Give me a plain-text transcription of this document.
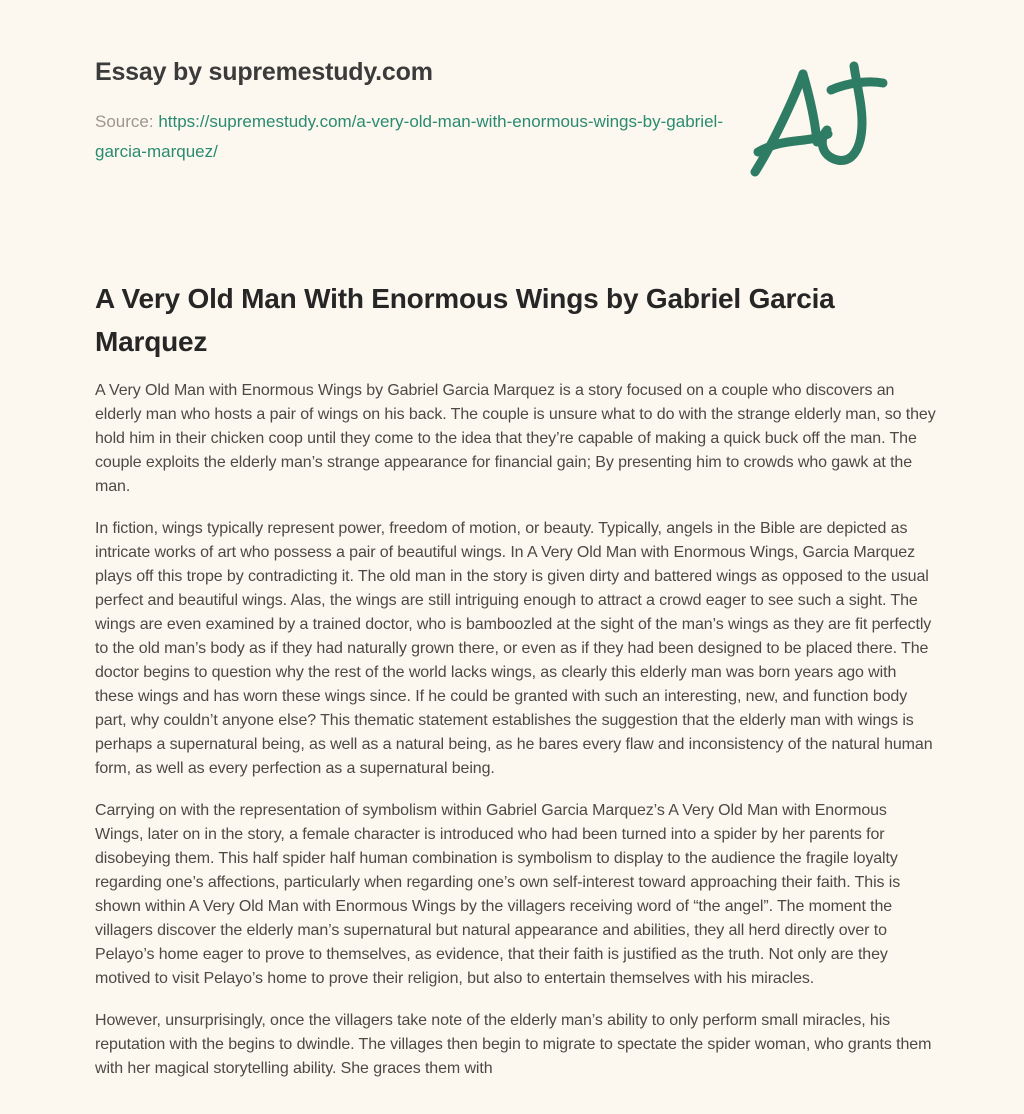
Essay by supremestudy.com
Source: https://supremestudy.com/a-very-old-man-with-enormous-wings-by-gabriel-garcia-marquez/
A Very Old Man With Enormous Wings by Gabriel Garcia Marquez

A Very Old Man with Enormous Wings by Gabriel Garcia Marquez is a story focused on a couple who discovers an elderly man who hosts a pair of wings on his back. The couple is unsure what to do with the strange elderly man, so they hold him in their chicken coop until they come to the idea that they’re capable of making a quick buck off the man. The couple exploits the elderly man’s strange appearance for financial gain; By presenting him to crowds who gawk at the man.

In fiction, wings typically represent power, freedom of motion, or beauty. Typically, angels in the Bible are depicted as intricate works of art who possess a pair of beautiful wings. In A Very Old Man with Enormous Wings, Garcia Marquez plays off this trope by contradicting it. The old man in the story is given dirty and battered wings as opposed to the usual perfect and beautiful wings. Alas, the wings are still intriguing enough to attract a crowd eager to see such a sight. The wings are even examined by a trained doctor, who is bamboozled at the sight of the man’s wings as they are fit perfectly to the old man’s body as if they had naturally grown there, or even as if they had been designed to be placed there. The doctor begins to question why the rest of the world lacks wings, as clearly this elderly man was born years ago with these wings and has worn these wings since. If he could be granted with such an interesting, new, and function body part, why couldn’t anyone else? This thematic statement establishes the suggestion that the elderly man with wings is perhaps a supernatural being, as well as a natural being, as he bares every flaw and inconsistency of the natural human form, as well as every perfection as a supernatural being.

Carrying on with the representation of symbolism within Gabriel Garcia Marquez’s A Very Old Man with Enormous Wings, later on in the story, a female character is introduced who had been turned into a spider by her parents for disobeying them. This half spider half human combination is symbolism to display to the audience the fragile loyalty regarding one’s affections, particularly when regarding one’s own self-interest toward approaching their faith. This is shown within A Very Old Man with Enormous Wings by the villagers receiving word of “the angel”. The moment the villagers discover the elderly man’s supernatural but natural appearance and abilities, they all herd directly over to Pelayo’s home eager to prove to themselves, as evidence, that their faith is justified as the truth. Not only are they motived to visit Pelayo’s home to prove their religion, but also to entertain themselves with his miracles.

However, unsurprisingly, once the villagers take note of the elderly man’s ability to only perform small miracles, his reputation with the begins to dwindle. The villages then begin to migrate to spectate the spider woman, who grants them with her magical storytelling ability. She graces them with
